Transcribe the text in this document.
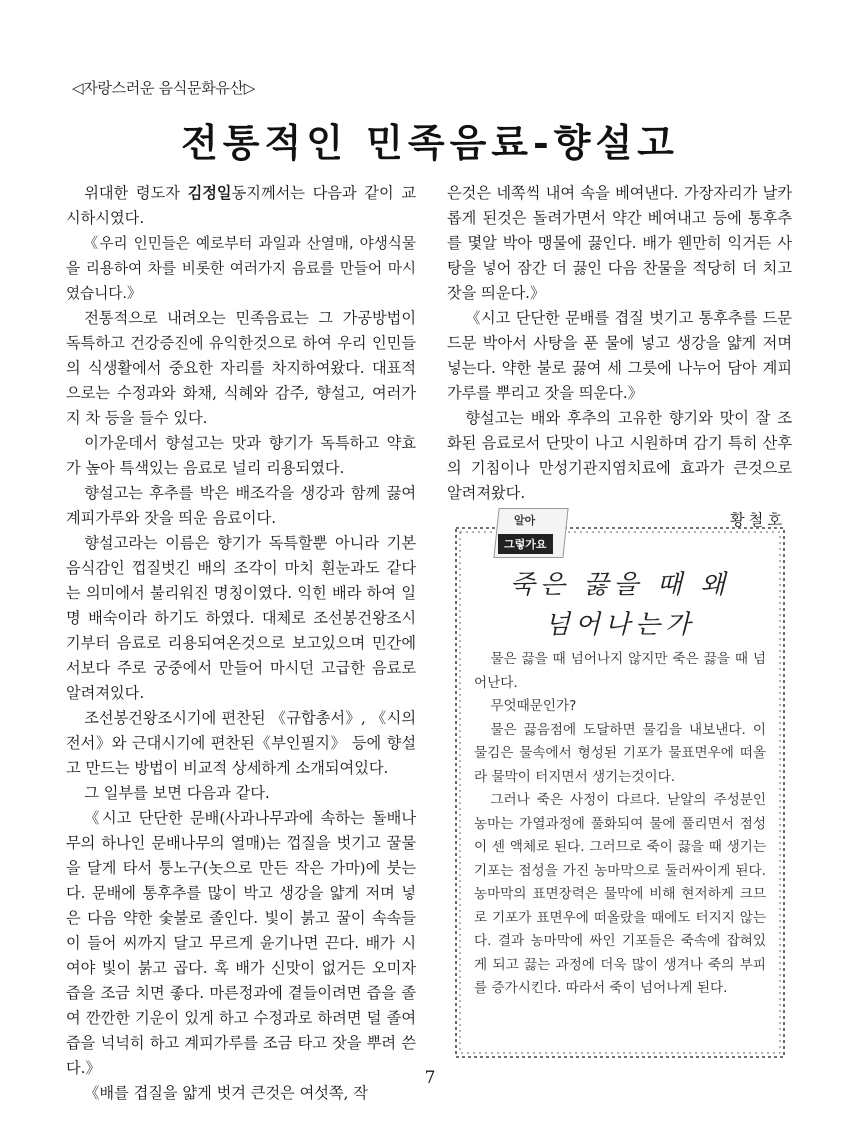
◁자랑스러운 음식문화유산▷
전통적인 민족음료-향설고

위대한 령도자 김정일동지께서는 다음과 같이 교시하시였다.

《우리 인민들은 예로부터 과일과 산열매, 야생식물을 리용하여 차를 비롯한 여러가지 음료를 만들어 마시였습니다.》

전통적으로 내려오는 민족음료는 그 가공방법이 독특하고 건강증진에 유익한것으로 하여 우리 인민들의 식생활에서 중요한 자리를 차지하여왔다. 대표적으로는 수정과와 화채, 식혜와 감주, 향설고, 여러가지 차 등을 들수 있다.

이가운데서 향설고는 맛과 향기가 독특하고 약효가 높아 특색있는 음료로 널리 리용되였다.

향설고는 후추를 박은 배조각을 생강과 함께 끓여 계피가루와 잣을 띄운 음료이다.

향설고라는 이름은 향기가 독특할뿐 아니라 기본음식감인 껍질벗긴 배의 조각이 마치 흰눈과도 같다는 의미에서 불리워진 명칭이였다. 익힌 배라 하여 일명 배숙이라 하기도 하였다. 대체로 조선봉건왕조시기부터 음료로 리용되여온것으로 보고있으며 민간에서보다 주로 궁중에서 만들어 마시던 고급한 음료로 알려져있다.

조선봉건왕조시기에 편찬된 《규합총서》, 《시의전서》와 근대시기에 편찬된《부인필지》 등에 향설고 만드는 방법이 비교적 상세하게 소개되여있다.

그 일부를 보면 다음과 같다.

《시고 단단한 문배(사과나무과에 속하는 돌배나무의 하나인 문배나무의 열매)는 껍질을 벗기고 꿀물을 달게 타서 퉁노구(놋으로 만든 작은 가마)에 붓는다. 문배에 통후추를 많이 박고 생강을 얇게 저며 넣은 다음 약한 숯불로 졸인다. 빛이 붉고 꿀이 속속들이 들어 씨까지 달고 무르게 윤기나면 끈다. 배가 시여야 빛이 붉고 곱다. 혹 배가 신맛이 없거든 오미자즙을 조금 치면 좋다. 마른정과에 곁들이려면 즙을 졸여 깐깐한 기운이 있게 하고 수정과로 하려면 덜 졸여 즙을 넉넉히 하고 계피가루를 조금 타고 잣을 뿌려 쓴다.》

《배를 겹질을 얇게 벗겨 큰것은 여섯쪽, 작

은것은 네쪽씩 내여 속을 베여낸다. 가장자리가 날카롭게 된것은 돌려가면서 약간 베여내고 등에 통후추를 몇알 박아 맹물에 끓인다. 배가 웬만히 익거든 사탕을 넣어 잠간 더 끓인 다음 찬물을 적당히 더 치고 잣을 띄운다.》

《시고 단단한 문배를 겹질 벗기고 통후추를 드문드문 박아서 사탕을 푼 물에 넣고 생강을 얇게 저며 넣는다. 약한 불로 끓여 세 그릇에 나누어 담아 계피가루를 뿌리고 잣을 띄운다.》

향설고는 배와 후추의 고유한 향기와 맛이 잘 조화된 음료로서 단맛이 나고 시원하며 감기 특히 산후의 기침이나 만성기관지염치료에 효과가 큰것으로 알려져왔다.

황철호
알아
그렇가요
죽은 끓을 때 왜
넘어나는가

물은 끓을 때 넘어나지 않지만 죽은 끓을 때 넘어난다.

무엇때문인가?

물은 끓음점에 도달하면 물김을 내보낸다. 이 물김은 물속에서 형성된 기포가 물표면우에 떠올라 물막이 터지면서 생기는것이다.

그러나 죽은 사정이 다르다. 낟알의 주성분인 농마는 가열과정에 풀화되여 물에 풀리면서 점성이 센 액체로 된다. 그러므로 죽이 끓을 때 생기는 기포는 점성을 가진 농마막으로 둘러싸이게 된다. 농마막의 표면장력은 물막에 비해 현저하게 크므로 기포가 표면우에 떠올랐을 때에도 터지지 않는다. 결과 농마막에 싸인 기포들은 죽속에 잡혀있게 되고 끓는 과정에 더욱 많이 생겨나 죽의 부피를 증가시킨다. 따라서 죽이 넘어나게 된다.

7
